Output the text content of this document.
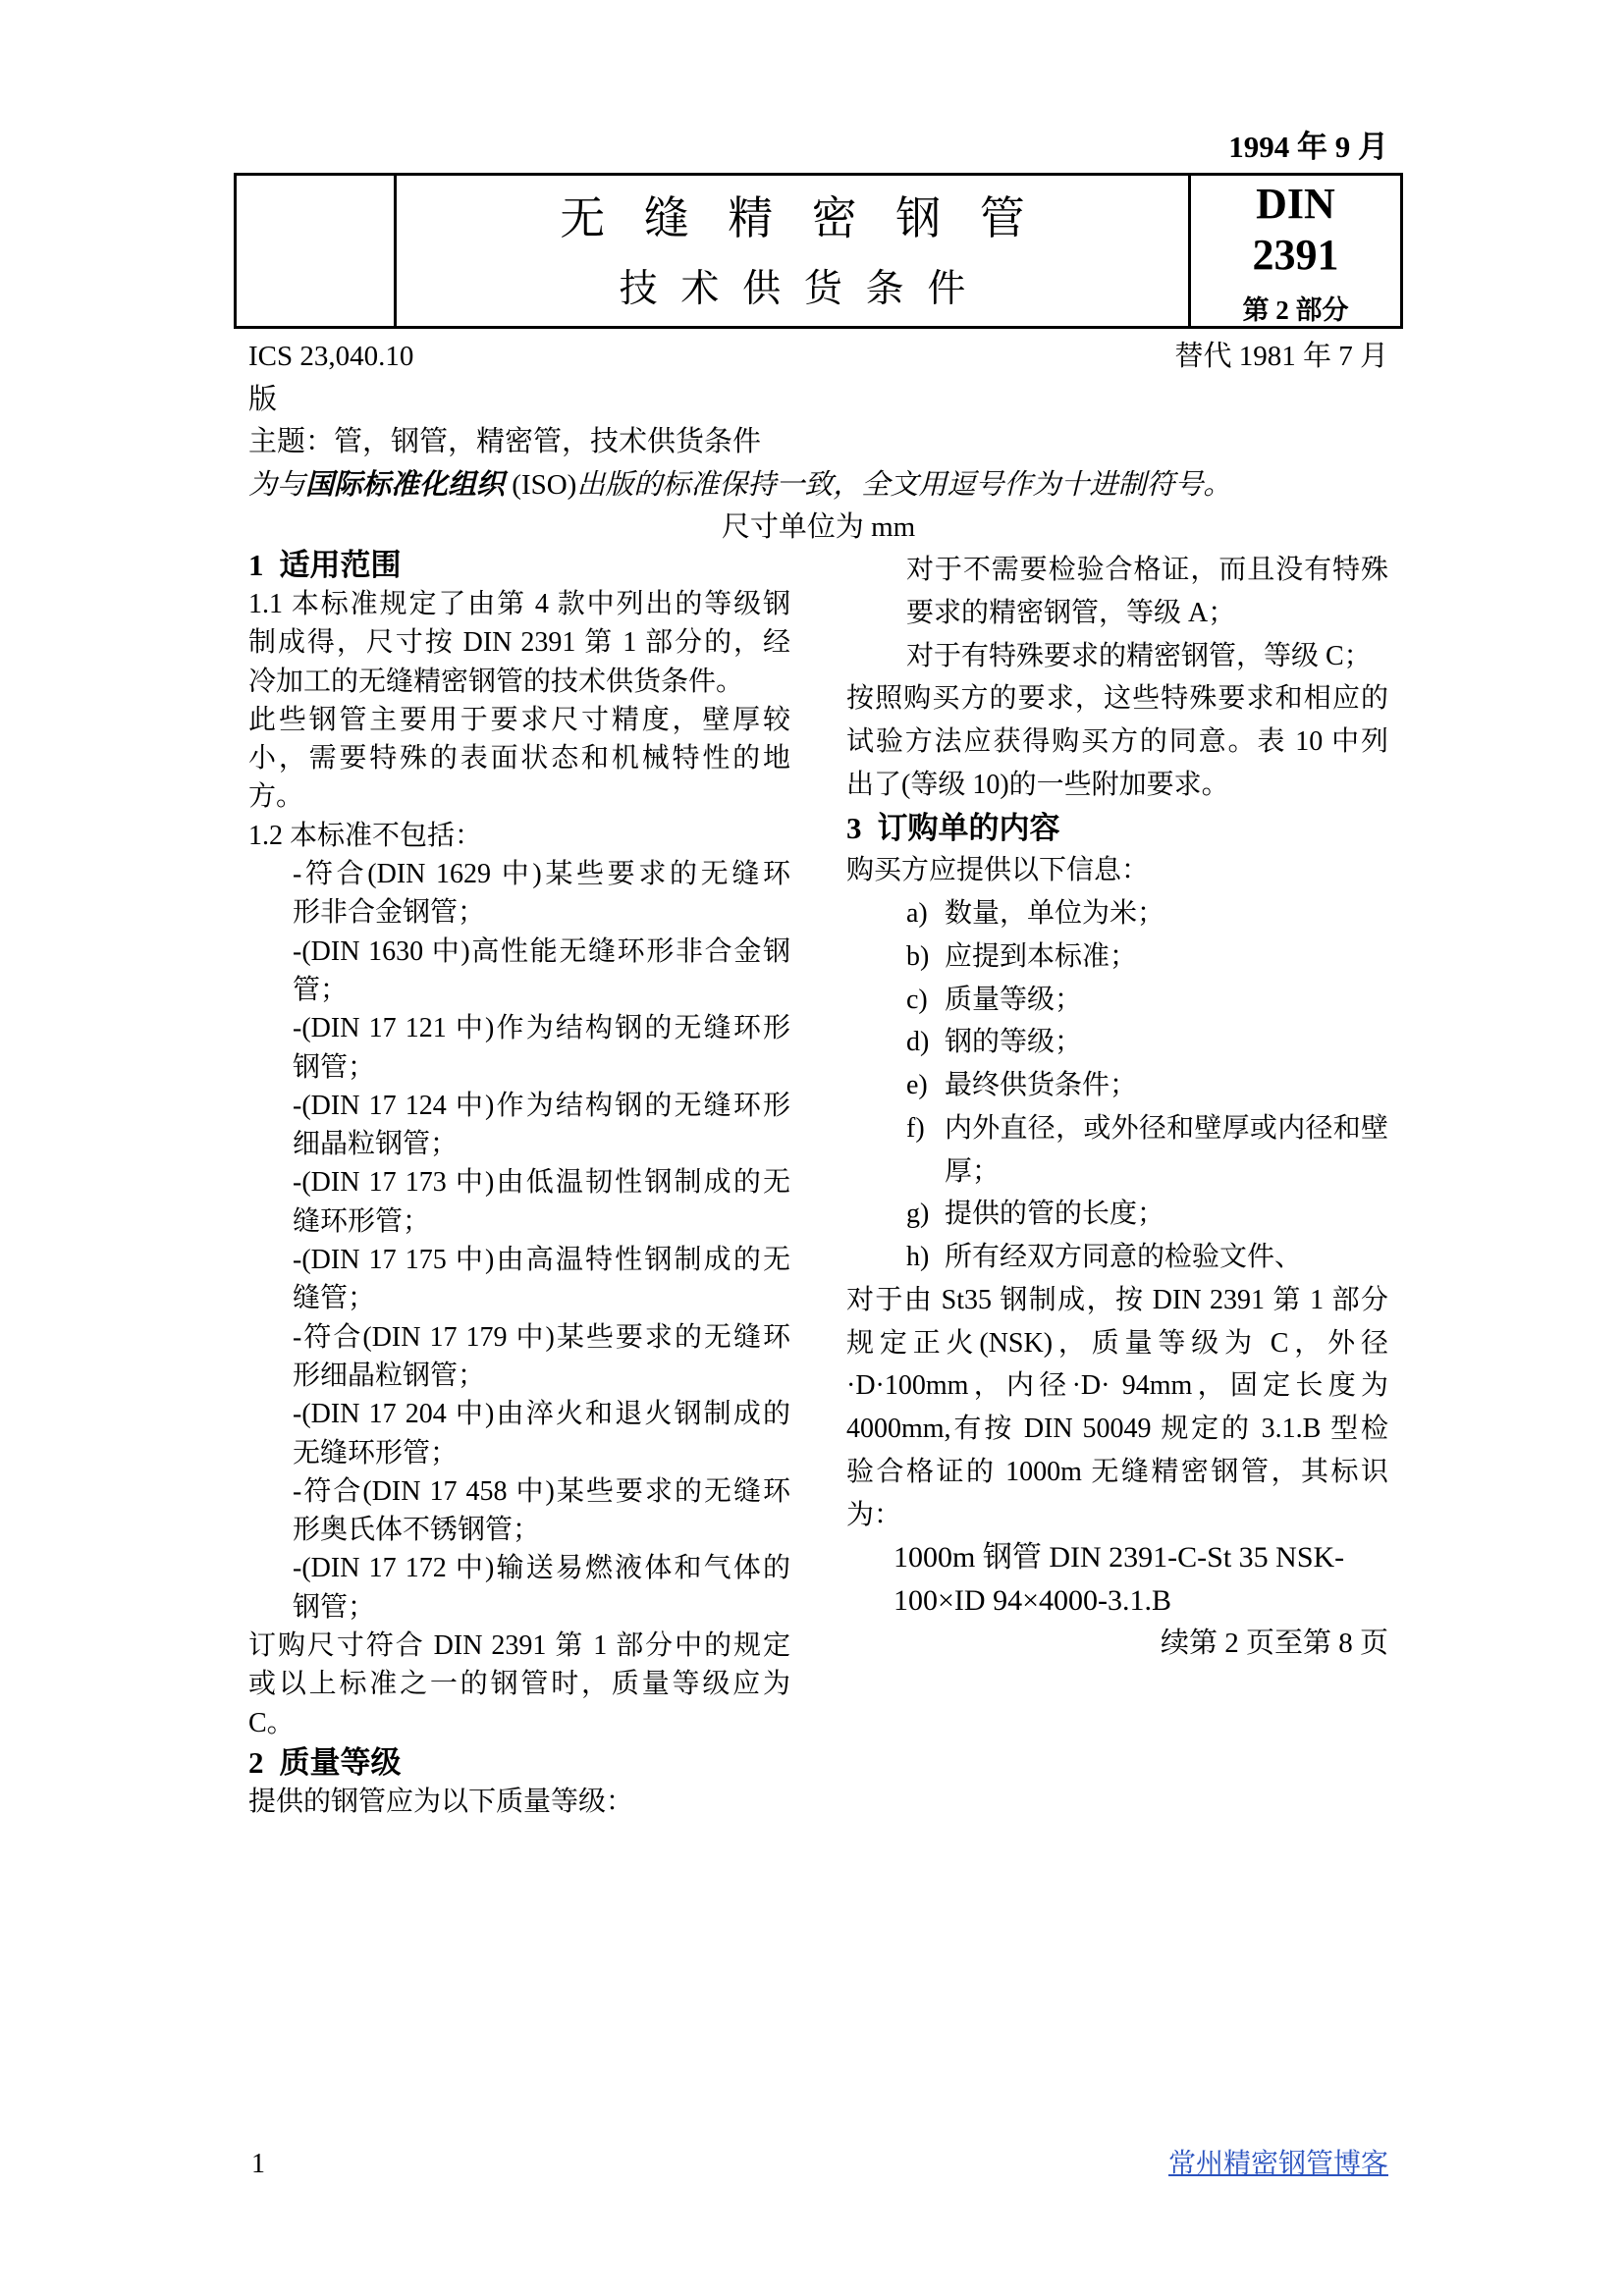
1994 年 9 月
无 缝 精 密 钢 管
技 术 供 货 条 件
DIN
2391
第 2 部分
ICS 23,040.10	替代 1981 年 7 月
版
主题：管，钢管，精密管，技术供货条件
为与国际标准化组织 (ISO)出版的标准保持一致，全文用逗号作为十进制符号。
尺寸单位为 mm
1 适用范围
1.1 本标准规定了由第 4 款中列出的等级钢
制成得，尺寸按 DIN 2391 第 1 部分的，经
冷加工的无缝精密钢管的技术供货条件。
此些钢管主要用于要求尺寸精度，壁厚较
小，需要特殊的表面状态和机械特性的地
方。
1.2 本标准不包括：
-符合(DIN 1629 中)某些要求的无缝环
形非合金钢管；
-(DIN 1630 中)高性能无缝环形非合金钢
管；
-(DIN 17 121 中)作为结构钢的无缝环形
钢管；
-(DIN 17 124 中)作为结构钢的无缝环形
细晶粒钢管；
-(DIN 17 173 中)由低温韧性钢制成的无
缝环形管；
-(DIN 17 175 中)由高温特性钢制成的无
缝管；
-符合(DIN 17 179 中)某些要求的无缝环
形细晶粒钢管；
-(DIN 17 204 中)由淬火和退火钢制成的
无缝环形管；
-符合(DIN 17 458 中)某些要求的无缝环
形奥氏体不锈钢管；
-(DIN 17 172 中)输送易燃液体和气体的
钢管；
订购尺寸符合 DIN 2391 第 1 部分中的规定
或以上标准之一的钢管时，质量等级应为
C。
2 质量等级
提供的钢管应为以下质量等级：
对于不需要检验合格证，而且没有特殊
要求的精密钢管，等级 A；
对于有特殊要求的精密钢管，等级 C；
按照购买方的要求，这些特殊要求和相应的
试验方法应获得购买方的同意。表 10 中列
出了(等级 10)的一些附加要求。
3 订购单的内容
购买方应提供以下信息：
a) 数量，单位为米；
b) 应提到本标准；
c) 质量等级；
d) 钢的等级；
e) 最终供货条件；
f) 内外直径，或外径和壁厚或内径和壁
厚；
g) 提供的管的长度；
h) 所有经双方同意的检验文件、
对于由 St35 钢制成，按 DIN 2391 第 1 部分
规定正火(NSK)，质量等级为 C，外径
·D·100mm，内径·D· 94mm，固定长度为
4000mm,有按 DIN 50049 规定的 3.1.B 型检
验合格证的 1000m 无缝精密钢管，其标识
为：
1000m 钢管 DIN 2391-C-St 35 NSK-
100×ID 94×4000-3.1.B
续第 2 页至第 8 页
1	常州精密钢管博客
